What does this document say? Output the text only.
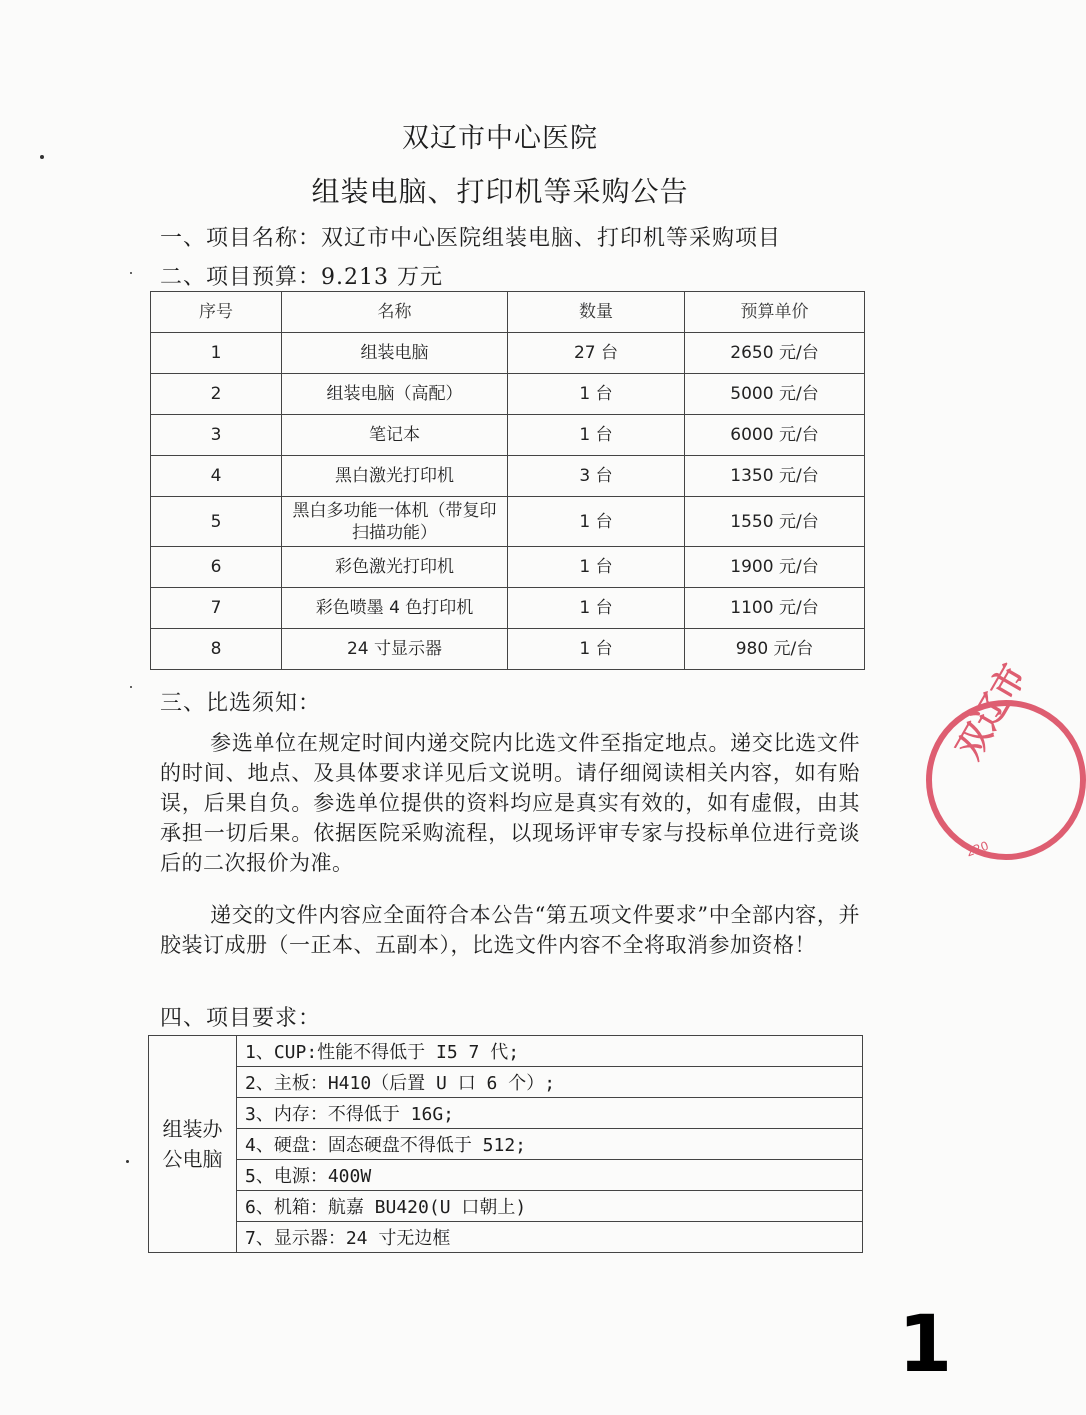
双辽市中心医院
组装电脑、打印机等采购公告
一、项目名称：双辽市中心医院组装电脑、打印机等采购项目
二、项目预算：9.213 万元
序号	名称	数量	预算单价
1	组装电脑	27 台	2650 元/台
2	组装电脑（高配）	1 台	5000 元/台
3	笔记本	1 台	6000 元/台
4	黑白激光打印机	3 台	1350 元/台
5	黑白多功能一体机（带复印扫描功能）	1 台	1550 元/台
6	彩色激光打印机	1 台	1900 元/台
7	彩色喷墨 4 色打印机	1 台	1100 元/台
8	24 寸显示器	1 台	980 元/台
三、比选须知：
参选单位在规定时间内递交院内比选文件至指定地点。递交比选文件的时间、地点、及具体要求详见后文说明。请仔细阅读相关内容，如有贻误，后果自负。参选单位提供的资料均应是真实有效的，如有虚假，由其承担一切后果。依据医院采购流程，以现场评审专家与投标单位进行竞谈后的二次报价为准。
递交的文件内容应全面符合本公告“第五项文件要求”中全部内容，并胶装订成册（一正本、五副本），比选文件内容不全将取消参加资格！
四、项目要求：
组装办公电脑
	1、CUP:性能不得低于 I5 7 代;
2、主板：H410（后置 U 口 6 个）;
3、内存：不得低于 16G;
4、硬盘：固态硬盘不得低于 512;
5、电源：400W
6、机箱：航嘉 BU420(U 口朝上)
7、显示器：24 寸无边框
双辽市
220
1
